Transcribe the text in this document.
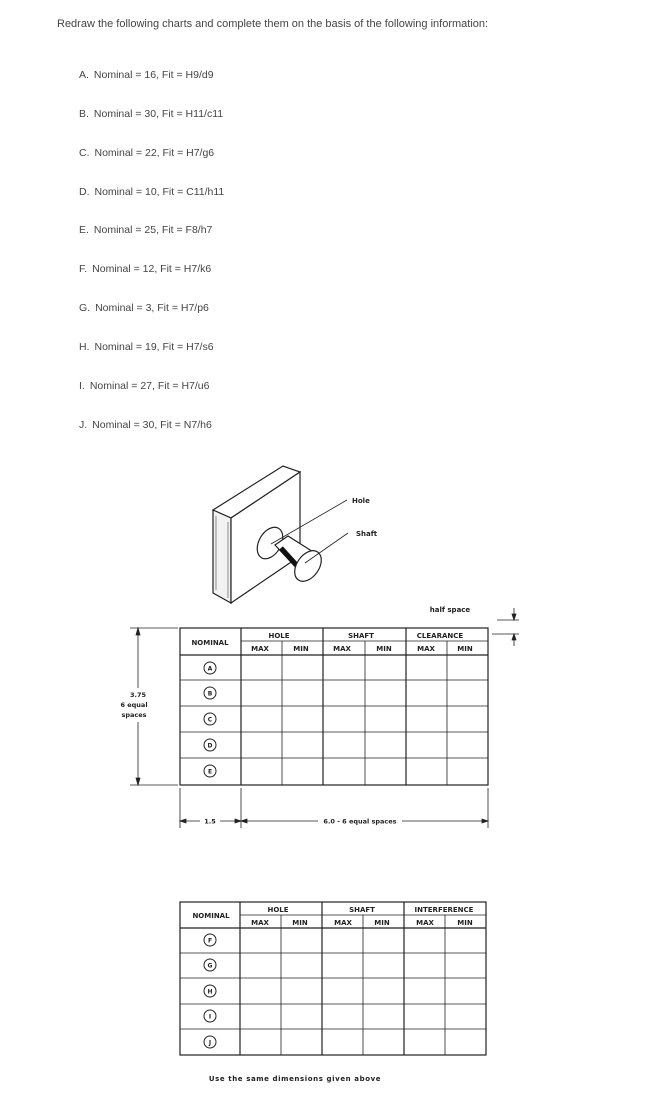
Redraw the following charts and complete them on the basis of the following information:
A. Nominal = 16, Fit = H9/d9
B. Nominal = 30, Fit = H11/c11
C. Nominal = 22, Fit = H7/g6
D. Nominal = 10, Fit = C11/h11
E. Nominal = 25, Fit = F8/h7
F. Nominal = 12, Fit = H7/k6
G. Nominal = 3, Fit = H7/p6
H. Nominal = 19, Fit = H7/s6
I. Nominal = 27, Fit = H7/u6
J. Nominal = 30, Fit = N7/h6
Hole
Shaft
NOMINAL
HOLE	SHAFT	CLEARANCE
MAX	MIN	MAX	MIN	MAX	MIN
A
B
C
D
E
half space
3.75
6 equal
spaces
1.5	6.0 - 6 equal spaces
NOMINAL
HOLE	SHAFT	INTERFERENCE
MAX	MIN	MAX	MIN	MAX	MIN
F
G
H
I
J
Use the same dimensions given above
